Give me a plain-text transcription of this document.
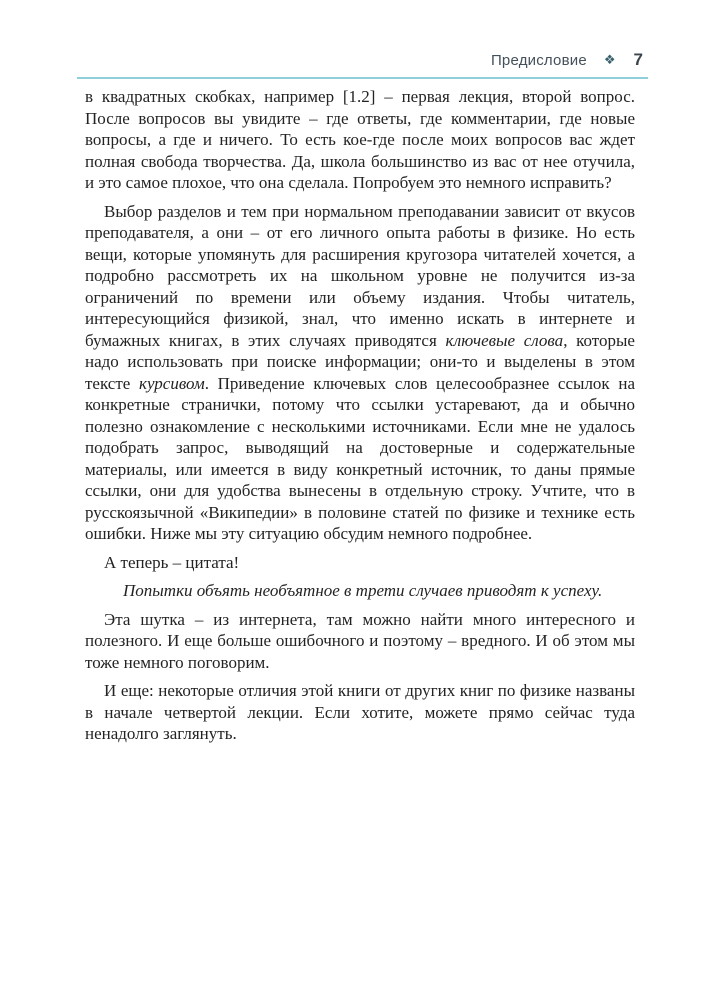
Предисловие ❖ 7

в квадратных скобках, например [1.2] – первая лекция, второй вопрос. После вопросов вы увидите – где ответы, где комментарии, где новые вопросы, а где и ничего. То есть кое-где после моих вопросов вас ждет полная свобода творчества. Да, школа большинство из вас от нее отучила, и это самое плохое, что она сделала. Попробуем это немного исправить?

Выбор разделов и тем при нормальном преподавании зависит от вкусов преподавателя, а они – от его личного опыта работы в физике. Но есть вещи, которые упомянуть для расширения кругозора читателей хочется, а подробно рассмотреть их на школьном уровне не получится из-за ограничений по времени или объему издания. Чтобы читатель, интересующийся физикой, знал, что именно искать в интернете и бумажных книгах, в этих случаях приводятся ключевые слова, которые надо использовать при поиске информации; они-то и выделены в этом тексте курсивом. Приведение ключевых слов целесообразнее ссылок на конкретные странички, потому что ссылки устаревают, да и обычно полезно ознакомление с несколькими источниками. Если мне не удалось подобрать запрос, выводящий на достоверные и содержательные материалы, или имеется в виду конкретный источник, то даны прямые ссылки, они для удобства вынесены в отдельную строку. Учтите, что в русскоязычной «Википедии» в половине статей по физике и технике есть ошибки. Ниже мы эту ситуацию обсудим немного подробнее.

А теперь – цитата!

Попытки объять необъятное в трети случаев приводят к успеху.

Эта шутка – из интернета, там можно найти много интересного и полезного. И еще больше ошибочного и поэтому – вредного. И об этом мы тоже немного поговорим.

И еще: некоторые отличия этой книги от других книг по физике названы в начале четвертой лекции. Если хотите, можете прямо сейчас туда ненадолго заглянуть.
